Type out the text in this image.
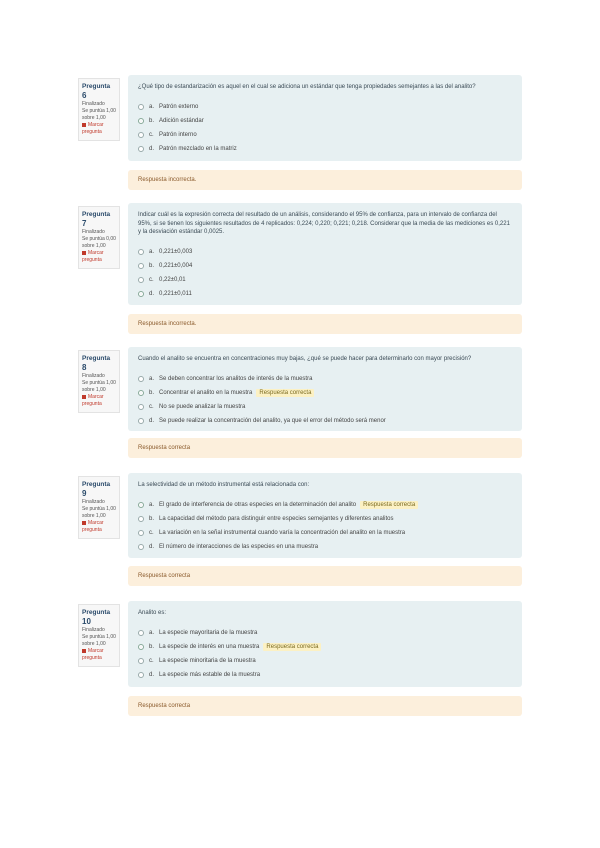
Pregunta 6
Finalizado
Se puntúa 1,00 sobre 1,00
Marcar pregunta
¿Qué tipo de estandarización es aquel en el cual se adiciona un estándar que tenga propiedades semejantes a las del analito?
a. Patrón externo
b. Adición estándar
c. Patrón interno
d. Patrón mezclado en la matriz
Respuesta incorrecta.
Pregunta 7
Finalizado
Se puntúa 0,00 sobre 1,00
Marcar pregunta
Indicar cuál es la expresión correcta del resultado de un análisis, considerando el 95% de confianza, para un intervalo de confianza del 95%, si se tienen los siguientes resultados de 4 replicados: 0,224; 0,220; 0,221; 0,218. Considerar que la media de las mediciones es 0,221 y la desviación estándar 0,0025.
a. 0,221±0,003
b. 0,221±0,004
c. 0,22±0,01
d. 0,221±0,011
Respuesta incorrecta.
Pregunta 8
Finalizado
Se puntúa 1,00 sobre 1,00
Marcar pregunta
Cuando el analito se encuentra en concentraciones muy bajas, ¿qué se puede hacer para determinarlo con mayor precisión?
a. Se deben concentrar los analitos de interés de la muestra
b. Concentrar el analito en la muestra	Respuesta correcta
c. No se puede analizar la muestra
d. Se puede realizar la concentración del analito, ya que el error del método será menor
Respuesta correcta
Pregunta 9
Finalizado
Se puntúa 1,00 sobre 1,00
Marcar pregunta
La selectividad de un método instrumental está relacionada con:
a. El grado de interferencia de otras especies en la determinación del analito	Respuesta correcta
b. La capacidad del método para distinguir entre especies semejantes y diferentes analitos
c. La variación en la señal instrumental cuando varía la concentración del analito en la muestra
d. El número de interacciones de las especies en una muestra
Respuesta correcta
Pregunta 10
Finalizado
Se puntúa 1,00 sobre 1,00
Marcar pregunta
Analito es:
a. La especie mayoritaria de la muestra
b. La especie de interés en una muestra	Respuesta correcta
c. La especie minoritaria de la muestra
d. La especie más estable de la muestra
Respuesta correcta
